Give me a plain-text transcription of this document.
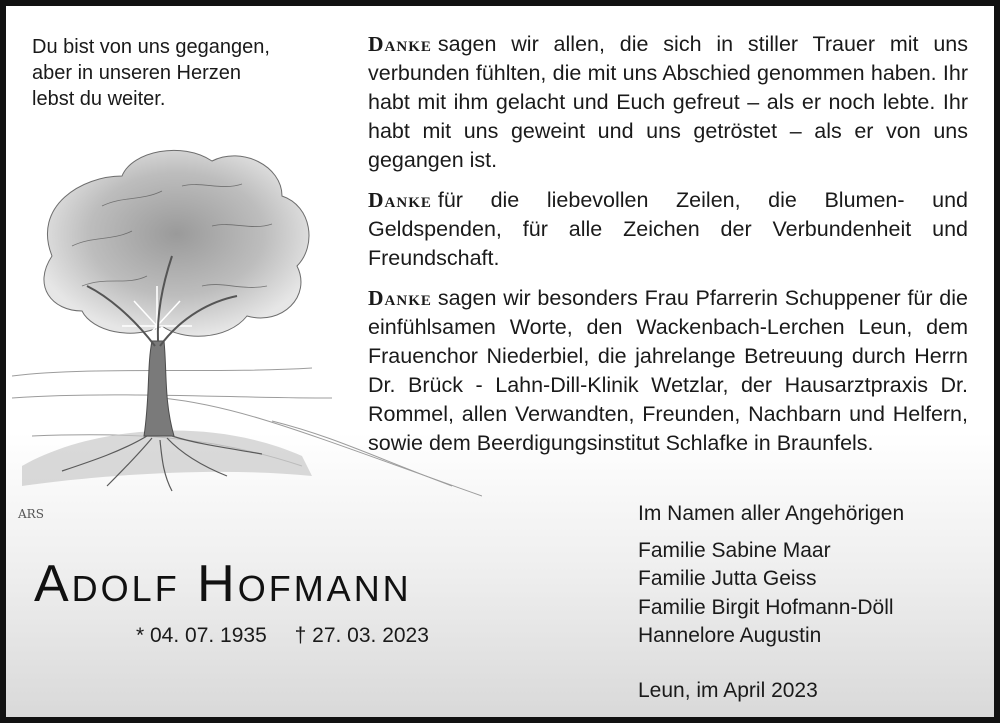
Du bist von uns gegangen,
aber in unseren Herzen
lebst du weiter.
ARS

Danke sagen wir allen, die sich in stiller Trauer mit uns verbunden fühlten, die mit uns Abschied genommen haben. Ihr habt mit ihm gelacht und Euch gefreut – als er noch lebte. Ihr habt mit uns geweint und uns getröstet – als er von uns gegangen ist.

Danke für die liebevollen Zeilen, die Blumen- und Geldspenden, für alle Zeichen der Verbundenheit und Freundschaft.

Danke sagen wir besonders Frau Pfarrerin Schuppener für die einfühlsamen Worte, den Wackenbach-Lerchen Leun, dem Frauenchor Niederbiel, die jahrelange Betreuung durch Herrn Dr. Brück - Lahn-Dill-Klinik Wetzlar, der Hausarztpraxis Dr. Rommel, allen Verwandten, Freunden, Nachbarn und Helfern, sowie dem Beerdigungsinstitut Schlafke in Braunfels.

Adolf Hofmann
* 04. 07. 1935 † 27. 03. 2023
Im Namen aller Angehörigen
Familie Sabine Maar
Familie Jutta Geiss
Familie Birgit Hofmann-Döll
Hannelore Augustin
Leun, im April 2023
